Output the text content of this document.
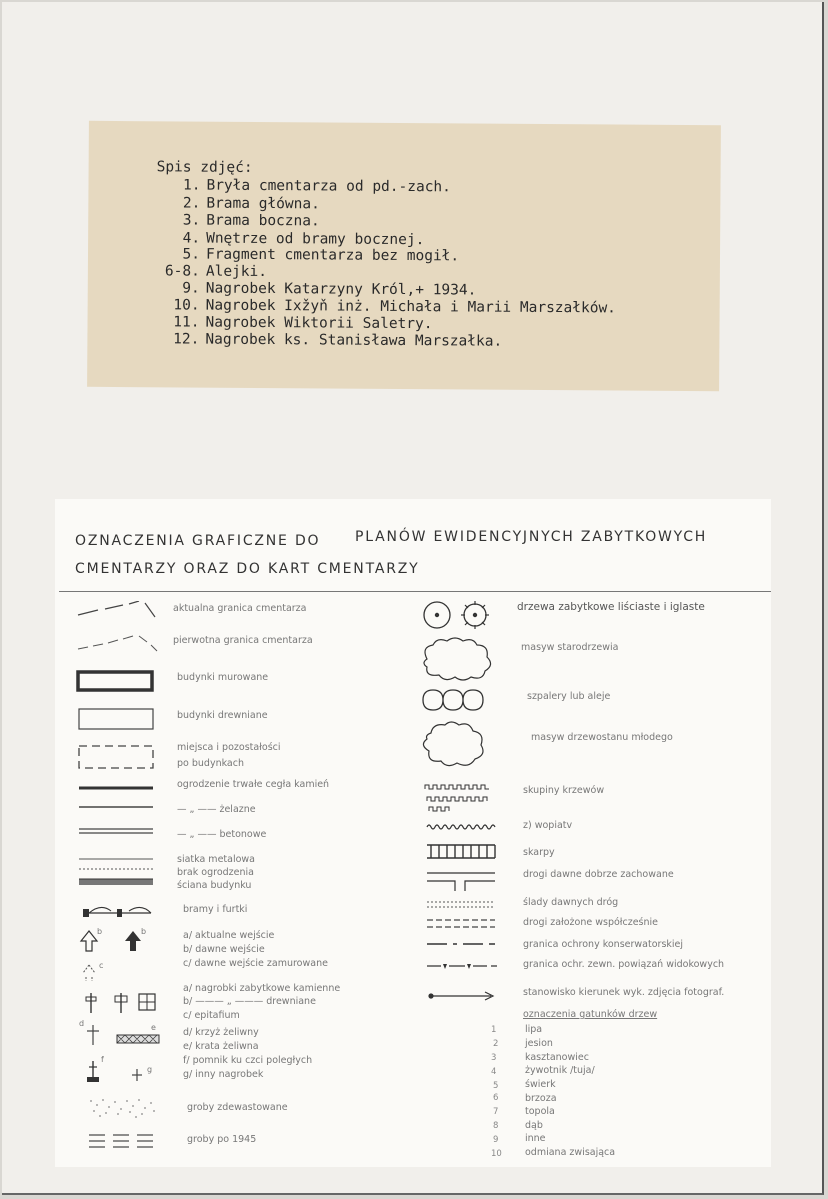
Spis zdjęć:
1. Bryła cmentarza od pd.-zach.
2. Brama główna.
3. Brama boczna.
4. Wnętrze od bramy bocznej.
5. Fragment cmentarza bez mogił.
6-8. Alejki.
9. Nagrobek Katarzyny Król,+ 1934.
10. Nagrobek Ixžyň inż. Michała i Marii Marszałków.
11. Nagrobek Wiktorii Saletry.
12. Nagrobek ks. Stanisława Marszałka.
OZNACZENIA GRAFICZNE DO PLANÓW EWIDENCYJNYCH ZABYTKOWYCH
CMENTARZY ORAZ DO KART CMENTARZY
b	b
c
d	e
f
g
aktualna granica cmentarza
pierwotna granica cmentarza
budynki murowane
budynki drewniane
miejsca i pozostałości
po budynkach
ogrodzenie trwałe cegła kamień
— „ —— żelazne
— „ —— betonowe
siatka metalowa
brak ogrodzenia
ściana budynku
bramy i furtki
a/ aktualne wejście
b/ dawne wejście
c/ dawne wejście zamurowane
a/ nagrobki zabytkowe kamienne
b/ ——— „ ——— drewniane
c/ epitafium
d/ krzyż żeliwny
e/ krata żeliwna
f/ pomnik ku czci poległych
g/ inny nagrobek
groby zdewastowane
groby po 1945
drzewa zabytkowe liściaste i iglaste
masyw starodrzewia
szpalery lub aleje
masyw drzewostanu młodego
skupiny krzewów
z) wopiatv
skarpy
drogi dawne dobrze zachowane
ślady dawnych dróg
drogi założone współcześnie
granica ochrony konserwatorskiej
granica ochr. zewn. powiązań widokowych
stanowisko kierunek wyk. zdjęcia fotograf.
oznaczenia gatunków drzew
1	lipa
2	jesion
3	kasztanowiec
4	żywotnik /tuja/
5	świerk
6	brzoza
7	topola
8	dąb
9	inne
10 odmiana zwisająca
